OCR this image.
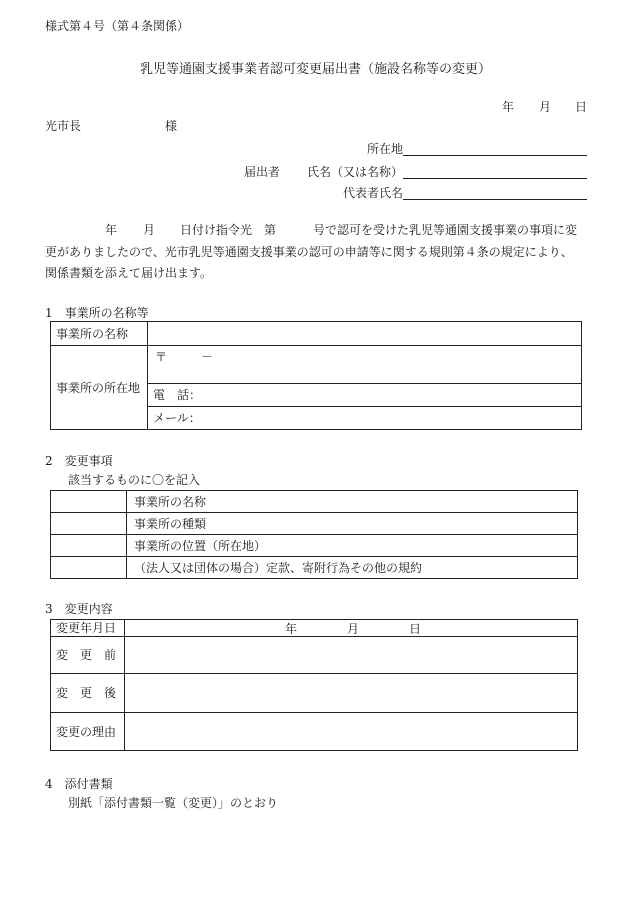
様式第４号（第４条関係）
乳児等通園支援事業者認可変更届出書（施設名称等の変更）
年 月 日
光市長	様
所在地
届出者 氏名（又は名称）
代表者氏名
年 月 日付け指令光　第	号で認可を受けた乳児等通園支援事業の事項に変
更がありましたので、光市乳児等通園支援事業の認可の申請等に関する規則第４条の規定により、
関係書類を添えて届け出ます。
1　事業所の名称等
事業所の名称	
事業所の所在地	〒 －
	電　話：
	メール：
2　変更事項
該当するものに〇を記入
	事業所の名称
	事業所の種類
	事業所の位置（所在地）
	（法人又は団体の場合）定款、寄附行為その他の規約
3　変更内容
変更年月日	年 月 日

変　更　前	
変　更　後	
変更の理由	
4　添付書類
別紙「添付書類一覧（変更）」のとおり
